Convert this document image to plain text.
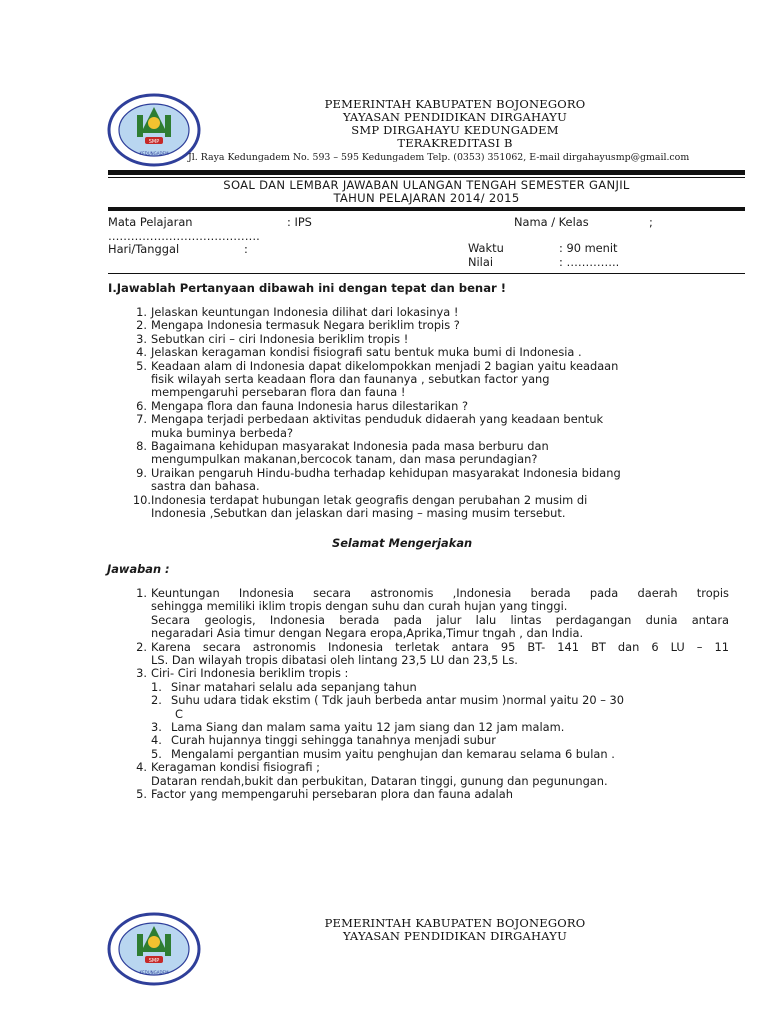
SMP
KEDUNGADEM
PEMERINTAH KABUPATEN BOJONEGORO
YAYASAN PENDIDIKAN DIRGAHAYU
SMP DIRGAHAYU KEDUNGADEM
TERAKREDITASI B
Jl. Raya Kedungadem No. 593 – 595 Kedungadem Telp. (0353) 351062, E-mail dirgahayusmp@gmail.com
SOAL DAN LEMBAR JAWABAN ULANGAN TENGAH SEMESTER GANJIL
TAHUN PELAJARAN 2014/ 2015
Mata Pelajaran	: IPS	Nama / Kelas	;
………………………………….
Hari/Tanggal	:	Waktu	: 90 menit
Nilai	: …………..
I.Jawablah Pertanyaan dibawah ini dengan tepat dan benar !
1. Jelaskan keuntungan Indonesia dilihat dari lokasinya !
2. Mengapa Indonesia termasuk Negara beriklim tropis ?
3. Sebutkan ciri – ciri Indonesia beriklim tropis !
4. Jelaskan keragaman kondisi fisiografi satu bentuk muka bumi di Indonesia .
5. Keadaan alam di Indonesia dapat dikelompokkan menjadi 2 bagian yaitu keadaan
fisik wilayah serta keadaan flora dan faunanya , sebutkan factor yang
mempengaruhi persebaran flora dan fauna !
6. Mengapa flora dan fauna Indonesia harus dilestarikan ?
7. Mengapa terjadi perbedaan aktivitas penduduk didaerah yang keadaan bentuk
muka buminya berbeda?
8. Bagaimana kehidupan masyarakat Indonesia pada masa berburu dan
mengumpulkan makanan,bercocok tanam, dan masa perundagian?
9. Uraikan pengaruh Hindu-budha terhadap kehidupan masyarakat Indonesia bidang
sastra dan bahasa.
10. Indonesia terdapat hubungan letak geografis dengan perubahan 2 musim di
Indonesia ,Sebutkan dan jelaskan dari masing – masing musim tersebut.
Selamat Mengerjakan
Jawaban :
1. Keuntungan Indonesia secara astronomis ,Indonesia berada pada daerah tropis
sehingga memiliki iklim tropis dengan suhu dan curah hujan yang tinggi.
Secara geologis, Indonesia berada pada jalur lalu lintas perdagangan dunia antara
negaradari Asia timur dengan Negara eropa,Aprika,Timur tngah , dan India.
2. Karena secara astronomis Indonesia terletak antara 95 BT- 141 BT dan 6 LU – 11
LS. Dan wilayah tropis dibatasi oleh lintang 23,5 LU dan 23,5 Ls.
3. Ciri- Ciri Indonesia beriklim tropis :
1. Sinar matahari selalu ada sepanjang tahun
2. Suhu udara tidak ekstim ( Tdk jauh berbeda antar musim )normal yaitu 20 – 30
C
3. Lama Siang dan malam sama yaitu 12 jam siang dan 12 jam malam.
4. Curah hujannya tinggi sehingga tanahnya menjadi subur
5. Mengalami pergantian musim yaitu penghujan dan kemarau selama 6 bulan .
4. Keragaman kondisi fisiografi ;
Dataran rendah,bukit dan perbukitan, Dataran tinggi, gunung dan pegunungan.
5. Factor yang mempengaruhi persebaran plora dan fauna adalah
SMP
KEDUNGADEM
PEMERINTAH KABUPATEN BOJONEGORO
YAYASAN PENDIDIKAN DIRGAHAYU
